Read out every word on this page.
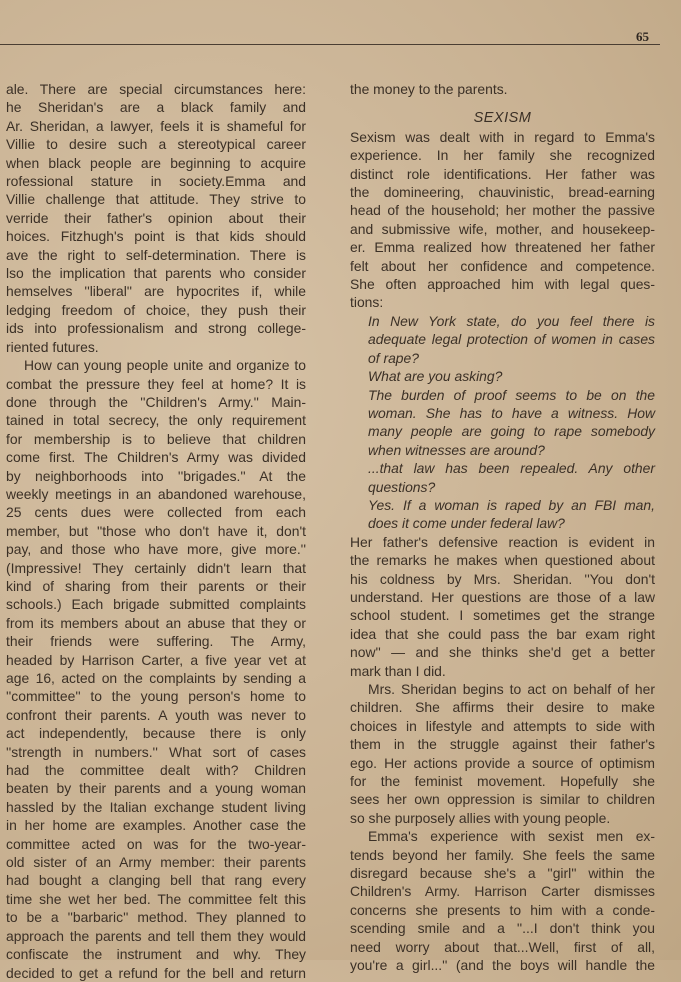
65
ale. There are special circumstances here:
he Sheridan's are a black family and
Ar. Sheridan, a lawyer, feels it is shameful for
Villie to desire such a stereotypical career
when black people are beginning to acquire
rofessional stature in society.Emma and
Villie challenge that attitude. They strive to
verride their father's opinion about their
hoices. Fitzhugh's point is that kids should
ave the right to self-determination. There is
lso the implication that parents who consider
hemselves ''liberal'' are hypocrites if, while
ledging freedom of choice, they push their
ids into professionalism and strong college-
riented futures.
How can young people unite and organize to
combat the pressure they feel at home? It is
done through the ''Children's Army.'' Main-
tained in total secrecy, the only requirement
for membership is to believe that children
come first. The Children's Army was divided
by neighborhoods into ''brigades.'' At the
weekly meetings in an abandoned warehouse,
25 cents dues were collected from each
member, but ''those who don't have it, don't
pay, and those who have more, give more.''
(Impressive! They certainly didn't learn that
kind of sharing from their parents or their
schools.) Each brigade submitted complaints
from its members about an abuse that they or
their friends were suffering. The Army,
headed by Harrison Carter, a five year vet at
age 16, acted on the complaints by sending a
''committee'' to the young person's home to
confront their parents. A youth was never to
act independently, because there is only
''strength in numbers.'' What sort of cases
had the committee dealt with? Children
beaten by their parents and a young woman
hassled by the Italian exchange student living
in her home are examples. Another case the
committee acted on was for the two-year-
old sister of an Army member: their parents
had bought a clanging bell that rang every
time she wet her bed. The committee felt this
to be a ''barbaric'' method. They planned to
approach the parents and tell them they would
confiscate the instrument and why. They
decided to get a refund for the bell and return
the money to the parents.
SEXISM
Sexism was dealt with in regard to Emma's
experience. In her family she recognized
distinct role identifications. Her father was
the domineering, chauvinistic, bread-earning
head of the household; her mother the passive
and submissive wife, mother, and housekeep-
er. Emma realized how threatened her father
felt about her confidence and competence.
She often approached him with legal ques-
tions:
In New York state, do you feel there is
adequate legal protection of women in cases
of rape?
What are you asking?
The burden of proof seems to be on the
woman. She has to have a witness. How
many people are going to rape somebody
when witnesses are around?
...that law has been repealed. Any other
questions?
Yes. If a woman is raped by an FBI man,
does it come under federal law?
Her father's defensive reaction is evident in
the remarks he makes when questioned about
his coldness by Mrs. Sheridan. ''You don't
understand. Her questions are those of a law
school student. I sometimes get the strange
idea that she could pass the bar exam right
now'' — and she thinks she'd get a better
mark than I did.
Mrs. Sheridan begins to act on behalf of her
children. She affirms their desire to make
choices in lifestyle and attempts to side with
them in the struggle against their father's
ego. Her actions provide a source of optimism
for the feminist movement. Hopefully she
sees her own oppression is similar to children
so she purposely allies with young people.
Emma's experience with sexist men ex-
tends beyond her family. She feels the same
disregard because she's a ''girl'' within the
Children's Army. Harrison Carter dismisses
concerns she presents to him with a conde-
scending smile and a ''...I don't think you
need worry about that...Well, first of all,
you're a girl...'' (and the boys will handle the
